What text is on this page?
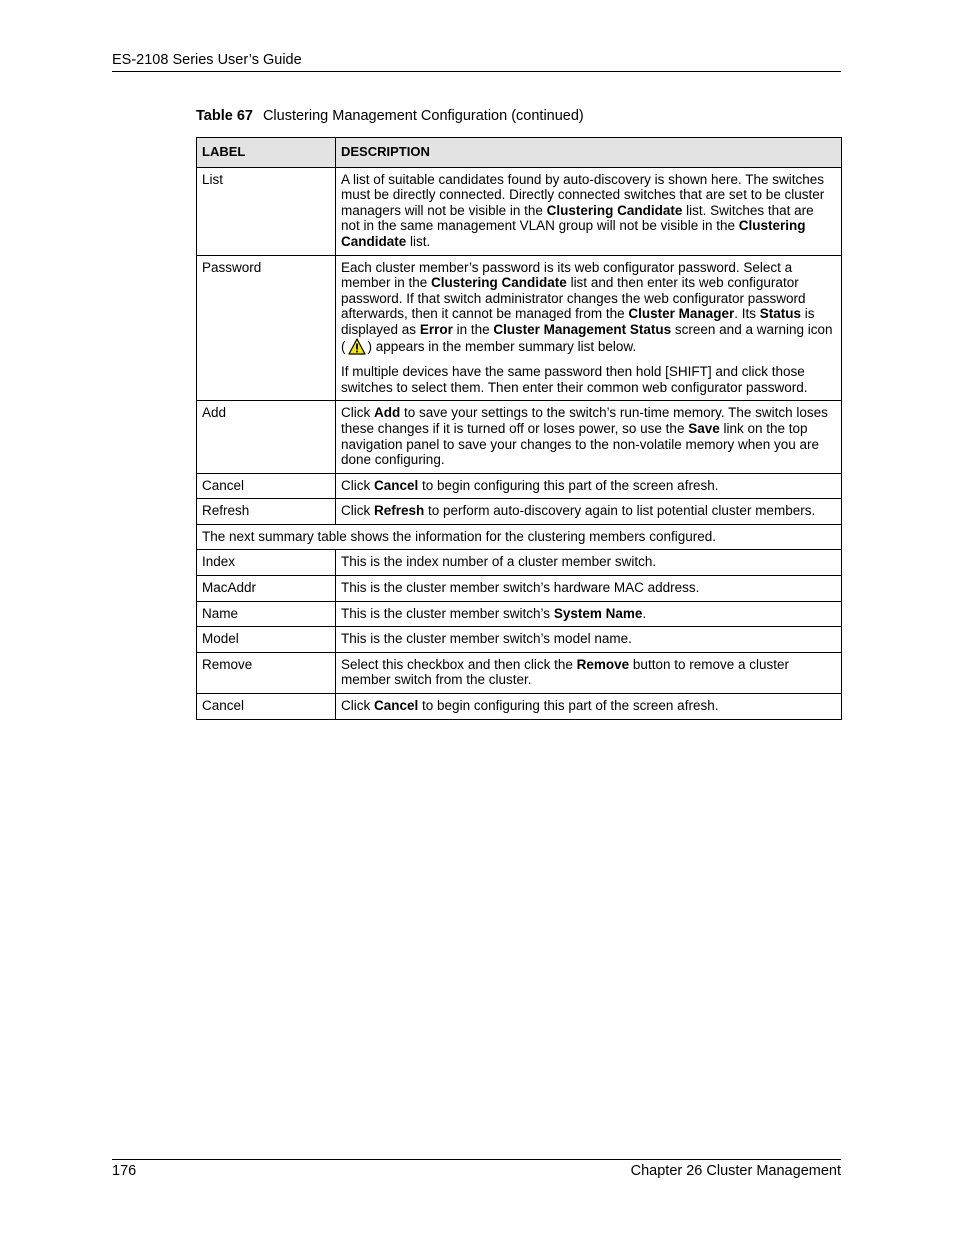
ES-2108 Series User’s Guide
Table 67 Clustering Management Configuration (continued)
LABEL	DESCRIPTION
List	A list of suitable candidates found by auto-discovery is shown here. The switches must be directly connected. Directly connected switches that are set to be cluster managers will not be visible in the Clustering Candidate list. Switches that are not in the same management VLAN group will not be visible in the Clustering Candidate list.
Password	Each cluster member’s password is its web configurator password. Select a member in the Clustering Candidate list and then enter its web configurator password. If that switch administrator changes the web configurator password afterwards, then it cannot be managed from the Cluster Manager. Its Status is displayed as Error in the Cluster Management Status screen and a warning icon ( ) appears in the member summary list below.

If multiple devices have the same password then hold [SHIFT] and click those switches to select them. Then enter their common web configurator password.

Add	Click Add to save your settings to the switch’s run-time memory. The switch loses these changes if it is turned off or loses power, so use the Save link on the top navigation panel to save your changes to the non-volatile memory when you are done configuring.
Cancel	Click Cancel to begin configuring this part of the screen afresh.
Refresh	Click Refresh to perform auto-discovery again to list potential cluster members.
The next summary table shows the information for the clustering members configured.	
Index	This is the index number of a cluster member switch.
MacAddr	This is the cluster member switch’s hardware MAC address.
Name	This is the cluster member switch’s System Name.
Model	This is the cluster member switch’s model name.
Remove	Select this checkbox and then click the Remove button to remove a cluster member switch from the cluster.
Cancel	Click Cancel to begin configuring this part of the screen afresh.
176	Chapter 26 Cluster Management
